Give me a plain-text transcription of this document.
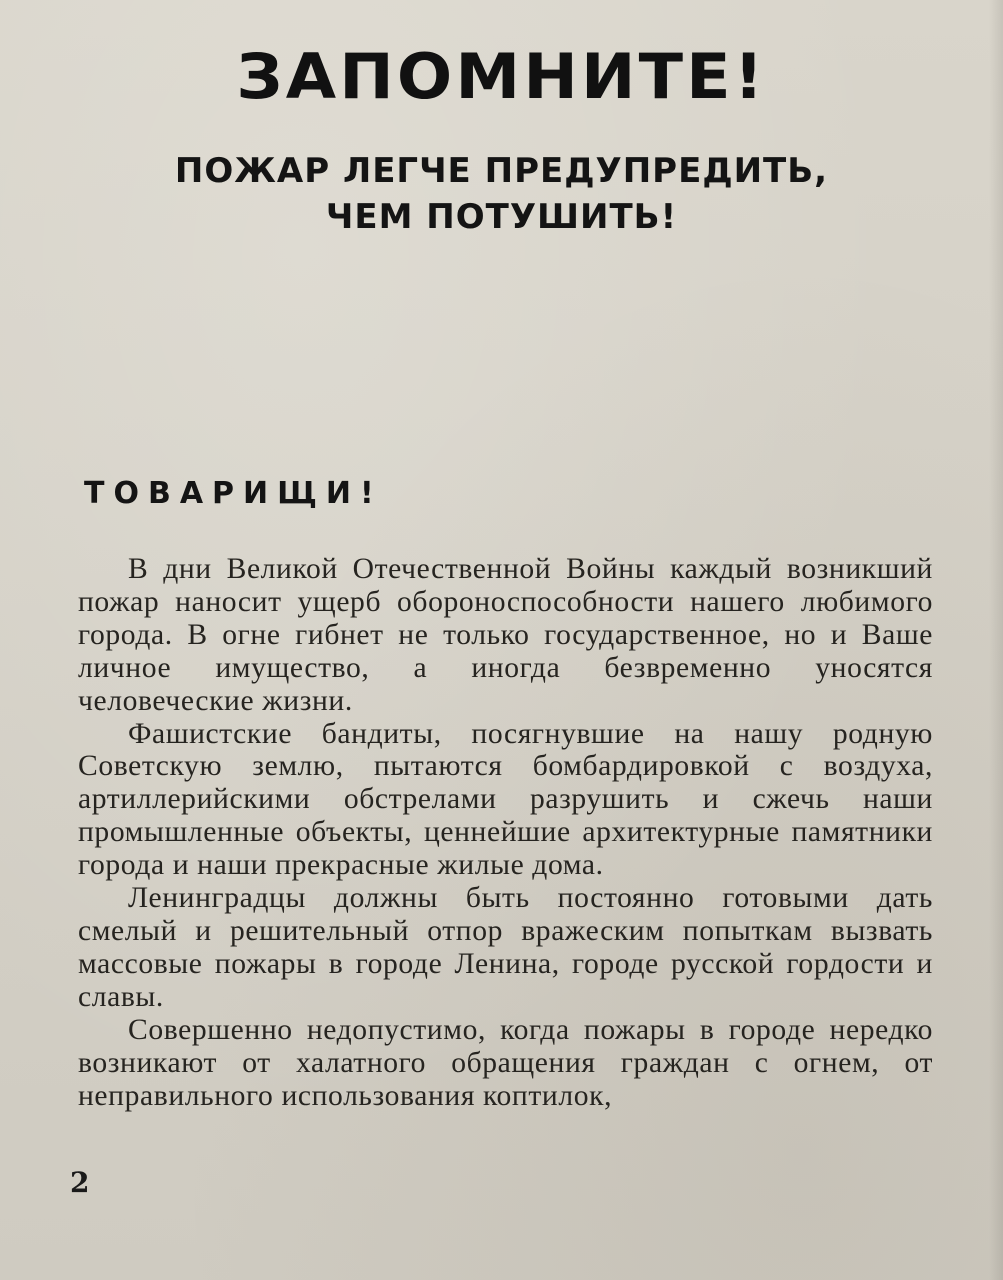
ЗАПОМНИТЕ!
ПОЖАР ЛЕГЧЕ ПРЕДУПРЕДИТЬ,
ЧЕМ ПОТУШИТЬ!
ТОВАРИЩИ!

В дни Великой Отечественной Войны каждый возникший пожар наносит ущерб обороноспособности нашего любимого города. В огне гибнет не только государственное, но и Ваше личное имущество, а иногда безвременно уносятся человеческие жизни.

Фашистские бандиты, посягнувшие на нашу родную Советскую землю, пытаются бомбардировкой с воздуха, артиллерийскими обстрелами разрушить и сжечь наши промышленные объекты, ценнейшие архитектурные памятники города и наши прекрасные жилые дома.

Ленинградцы должны быть постоянно готовыми дать смелый и решительный отпор вражеским попыткам вызвать массовые пожары в городе Ленина, городе русской гордости и славы.

Совершенно недопустимо, когда пожары в городе нередко возникают от халатного обращения граждан с огнем, от неправильного использования коптилок,

2
